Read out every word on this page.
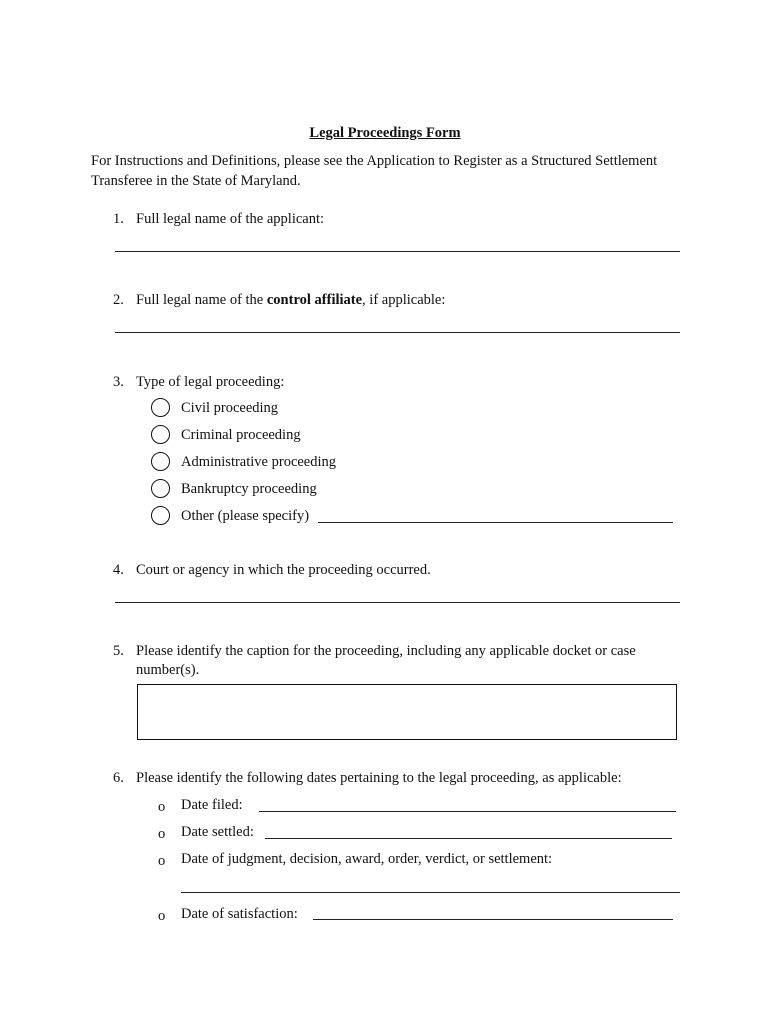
Legal Proceedings Form
For Instructions and Definitions, please see the Application to Register as a Structured Settlement
Transferee in the State of Maryland.
1. Full legal name of the applicant:
2. Full legal name of the control affiliate, if applicable:
3. Type of legal proceeding:
Civil proceeding
Criminal proceeding
Administrative proceeding
Bankruptcy proceeding
Other (please specify)
4. Court or agency in which the proceeding occurred.
5. Please identify the caption for the proceeding, including any applicable docket or case
number(s).
6. Please identify the following dates pertaining to the legal proceeding, as applicable:
o Date filed:
o Date settled:
o Date of judgment, decision, award, order, verdict, or settlement:
o Date of satisfaction:
